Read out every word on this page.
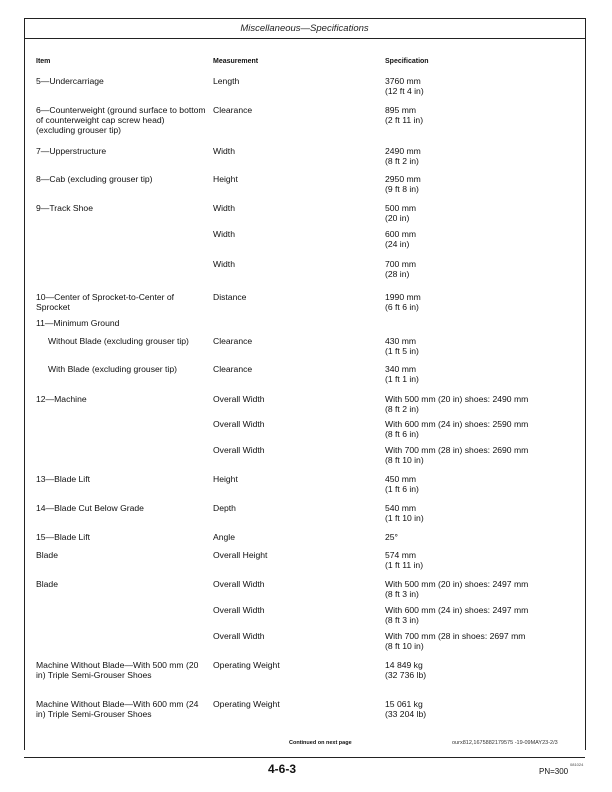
Miscellaneous—Specifications
Item	Measurement	Specification
5—Undercarriage	Length	3760 mm
(12 ft 4 in)
6—Counterweight (ground surface to bottom of counterweight cap screw head) (excluding grouser tip)
Clearance	895 mm
(2 ft 11 in)
7—Upperstructure	Width	2490 mm
(8 ft 2 in)
8—Cab (excluding grouser tip)	Height	2950 mm
(9 ft 8 in)
9—Track Shoe	Width	500 mm
(20 in)
Width	600 mm
(24 in)
Width	700 mm
(28 in)
10—Center of Sprocket-to-Center of Sprocket
Distance	1990 mm
(6 ft 6 in)
11—Minimum Ground
Without Blade (excluding grouser tip)	Clearance	430 mm
(1 ft 5 in)
With Blade (excluding grouser tip)	Clearance	340 mm
(1 ft 1 in)
12—Machine	Overall Width	With 500 mm (20 in) shoes: 2490 mm
(8 ft 2 in)
Overall Width	With 600 mm (24 in) shoes: 2590 mm
(8 ft 6 in)
Overall Width	With 700 mm (28 in) shoes: 2690 mm
(8 ft 10 in)
13—Blade Lift	Height	450 mm
(1 ft 6 in)
14—Blade Cut Below Grade	Depth	540 mm
(1 ft 10 in)
15—Blade Lift	Angle	25°
Blade	Overall Height	574 mm
(1 ft 11 in)
Blade	Overall Width	With 500 mm (20 in) shoes: 2497 mm
(8 ft 3 in)
Overall Width	With 600 mm (24 in) shoes: 2497 mm
(8 ft 3 in)
Overall Width	With 700 mm (28 in shoes: 2697 mm
(8 ft 10 in)
Machine Without Blade—With 500 mm (20 in) Triple Semi-Grouser Shoes
Operating Weight	14 849 kg
(32 736 lb)
Machine Without Blade—With 600 mm (24 in) Triple Semi-Grouser Shoes
Operating Weight	15 061 kg
(33 204 lb)
Continued on next page	ourx812,1675882179575 -19-09MAY23-2/3
4-6-3	081024
PN=300
